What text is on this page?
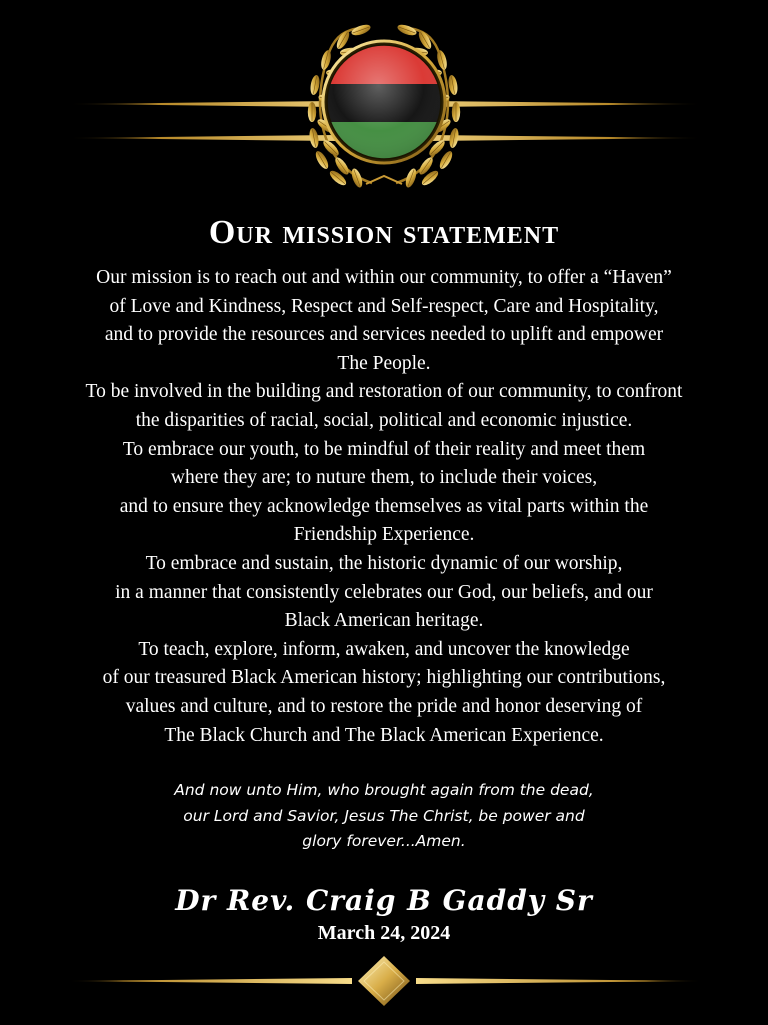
Our mission statement

Our mission is to reach out and within our community, to offer a “Haven”

of Love and Kindness, Respect and Self-respect, Care and Hospitality,

and to provide the resources and services needed to uplift and empower

The People.

To be involved in the building and restoration of our community, to confront

the disparities of racial, social, political and economic injustice.

To embrace our youth, to be mindful of their reality and meet them

where they are; to nuture them, to include their voices,

and to ensure they acknowledge themselves as vital parts within the

Friendship Experience.

To embrace and sustain, the historic dynamic of our worship,

in a manner that consistently celebrates our God, our beliefs, and our

Black American heritage.

To teach, explore, inform, awaken, and uncover the knowledge

of our treasured Black American history; highlighting our contributions,

values and culture, and to restore the pride and honor deserving of

The Black Church and The Black American Experience.

And now unto Him, who brought again from the dead,

our Lord and Savior, Jesus The Christ, be power and

glory forever...Amen.

Dr Rev. Craig B Gaddy Sr
March 24, 2024
